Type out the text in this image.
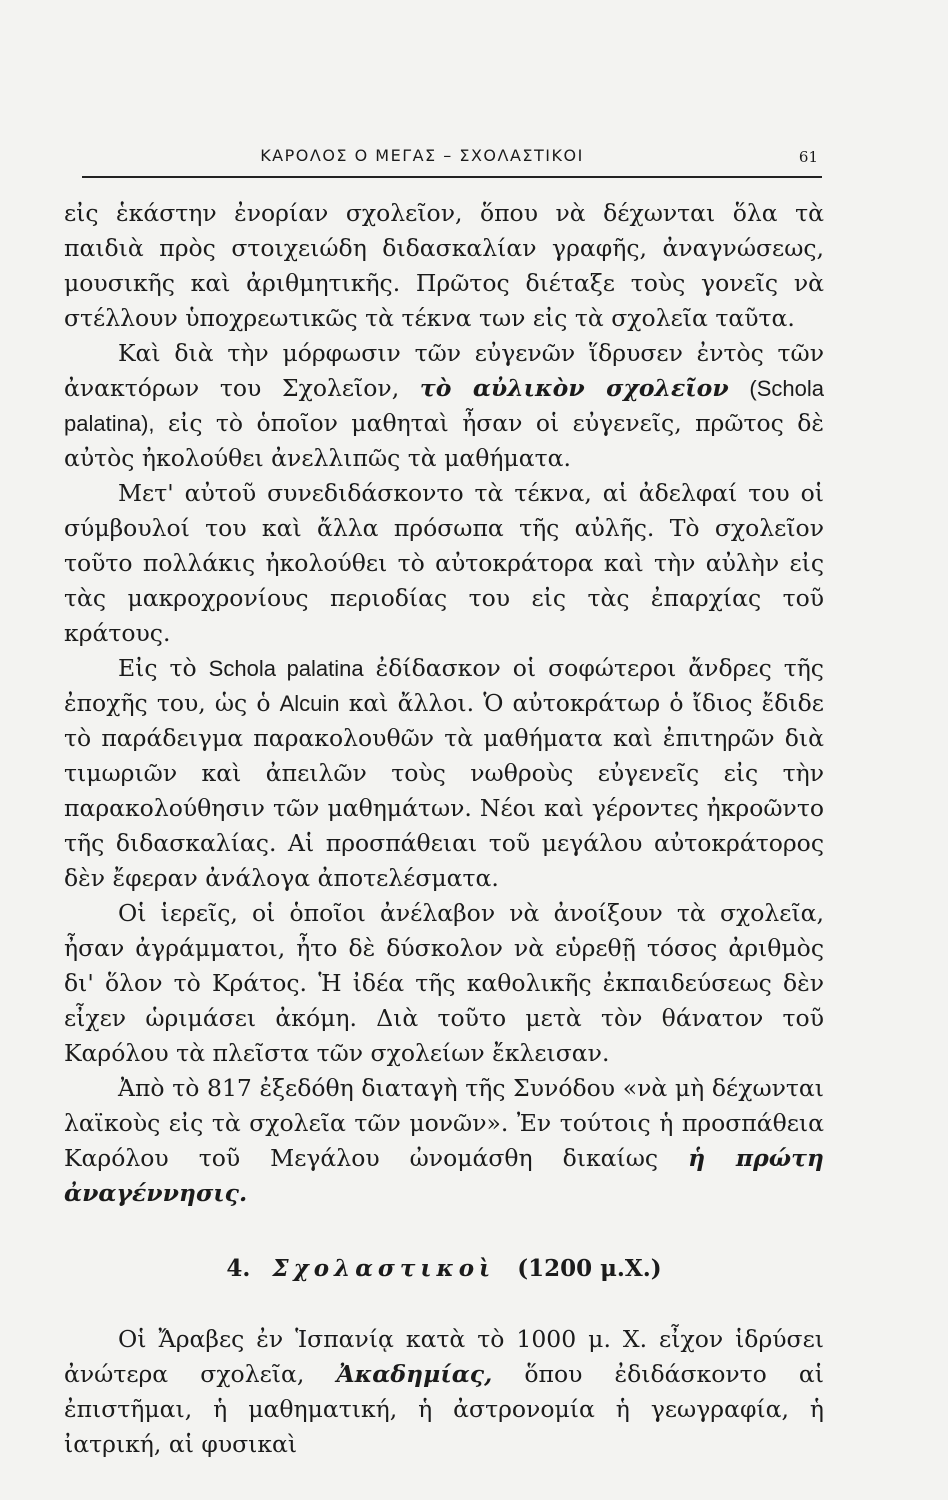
ΚΑΡΟΛΟΣ Ο ΜΕΓΑΣ – ΣΧΟΛΑΣΤΙΚΟΙ	61

εἰς ἑκάστην ἐνορίαν σχολεῖον, ὅπου νὰ δέχωνται ὅλα τὰ παιδιὰ πρὸς στοιχειώδη διδασκαλίαν γραφῆς, ἀναγνώσεως, μουσικῆς καὶ ἀριθμητικῆς. Πρῶτος διέταξε τοὺς γονεῖς νὰ στέλλουν ὑποχρεωτικῶς τὰ τέκνα των εἰς τὰ σχολεῖα ταῦτα.

Καὶ διὰ τὴν μόρφωσιν τῶν εὐγενῶν ἵδρυσεν ἐντὸς τῶν ἀνακτόρων του Σχολεῖον, τὸ αὐλικὸν σχολεῖον (Schola palatina), εἰς τὸ ὁποῖον μαθηταὶ ἦσαν οἱ εὐγενεῖς, πρῶτος δὲ αὐτὸς ἠκολούθει ἀνελλιπῶς τὰ μαθήματα.

Μετ' αὐτοῦ συνεδιδάσκοντο τὰ τέκνα, αἱ ἀδελφαί του οἱ σύμβουλοί του καὶ ἄλλα πρόσωπα τῆς αὐλῆς. Τὸ σχολεῖον τοῦτο πολλάκις ἠκολούθει τὸ αὐτοκράτορα καὶ τὴν αὐλὴν εἰς τὰς μακροχρονίους περιοδίας του εἰς τὰς ἐπαρχίας τοῦ κράτους.

Εἰς τὸ Schola palatina ἐδίδασκον οἱ σοφώτεροι ἄνδρες τῆς ἐποχῆς του, ὡς ὁ Alcuin καὶ ἄλλοι. Ὁ αὐτοκράτωρ ὁ ἴδιος ἔδιδε τὸ παράδειγμα παρακολουθῶν τὰ μαθήματα καὶ ἐπιτηρῶν διὰ τιμωριῶν καὶ ἀπειλῶν τοὺς νωθροὺς εὐγενεῖς εἰς τὴν παρακολούθησιν τῶν μαθημάτων. Νέοι καὶ γέροντες ἠκροῶντο τῆς διδασκαλίας. Αἱ προσπάθειαι τοῦ μεγάλου αὐτοκράτορος δὲν ἔφεραν ἀνάλογα ἀποτελέσματα.

Οἱ ἱερεῖς, οἱ ὁποῖοι ἀνέλαβον νὰ ἀνοίξουν τὰ σχολεῖα, ἦσαν ἀγράμματοι, ἦτο δὲ δύσκολον νὰ εὑρεθῇ τόσος ἀριθμὸς δι' ὅλον τὸ Κράτος. Ἡ ἰδέα τῆς καθολικῆς ἐκπαιδεύσεως δὲν εἶχεν ὡριμάσει ἀκόμη. Διὰ τοῦτο μετὰ τὸν θάνατον τοῦ Καρόλου τὰ πλεῖστα τῶν σχολείων ἔκλεισαν.

Ἀπὸ τὸ 817 ἐξεδόθη διαταγὴ τῆς Συνόδου «νὰ μὴ δέχωνται λαϊκοὺς εἰς τὰ σχολεῖα τῶν μονῶν». Ἐν τούτοις ἡ προσπάθεια Καρόλου τοῦ Μεγάλου ὠνομάσθη δικαίως ἡ πρώτη ἀναγέννησις.

4. Σχολαστικοὶ (1200 μ.Χ.)

Οἱ Ἄραβες ἐν Ἱσπανίᾳ κατὰ τὸ 1000 μ. Χ. εἶχον ἱδρύσει ἀνώτερα σχολεῖα, Ἀκαδημίας, ὅπου ἐδιδάσκοντο αἱ ἐπιστῆμαι, ἡ μαθηματική, ἡ ἀστρονομία ἡ γεωγραφία, ἡ ἰατρική, αἱ φυσικαὶ
